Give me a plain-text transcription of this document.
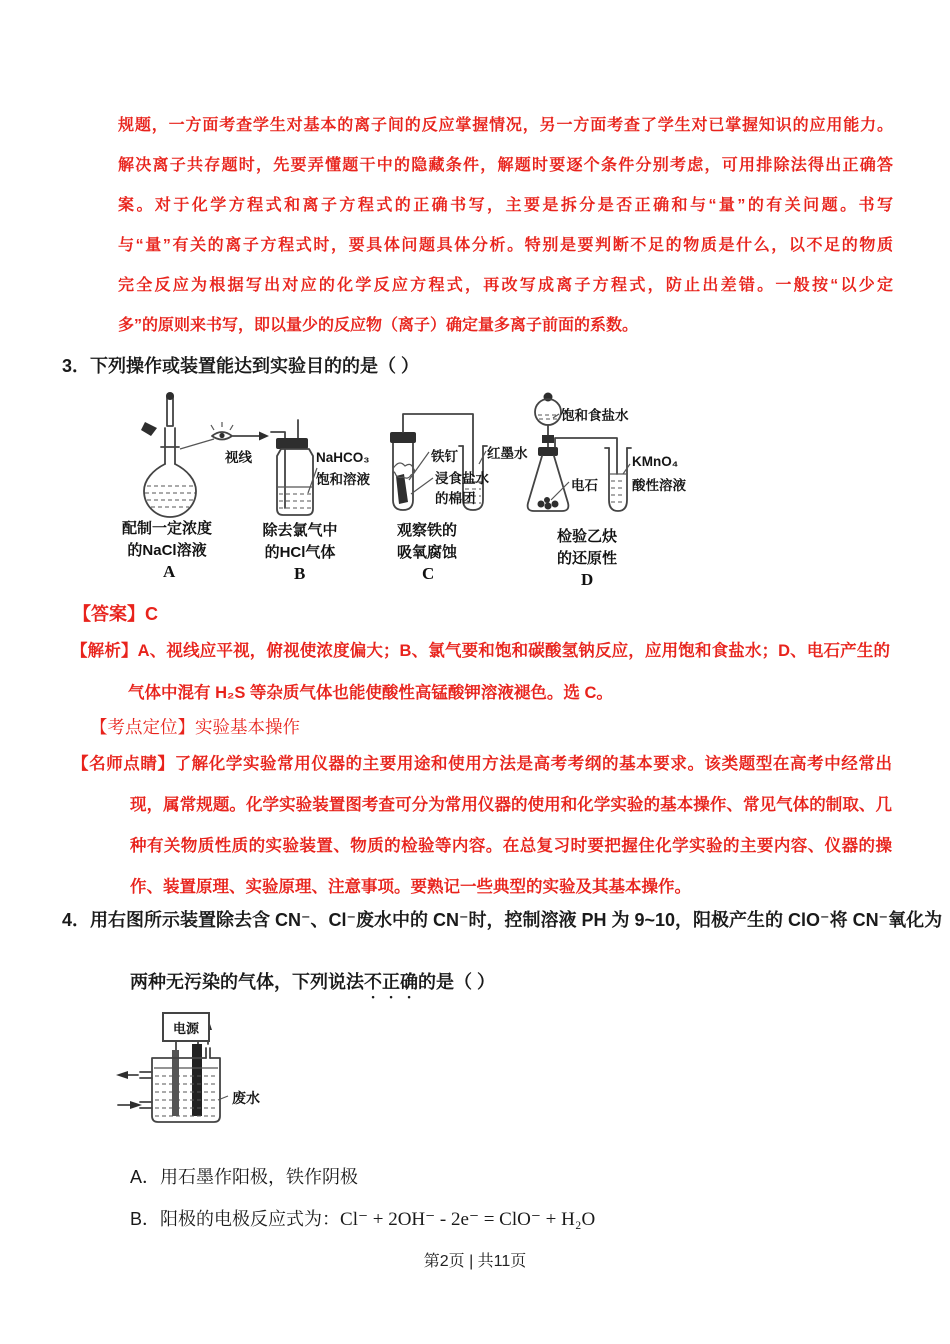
规题，一方面考查学生对基本的离子间的反应掌握情况，另一方面考查了学生对已掌握知识的应用能力。
解决离子共存题时，先要弄懂题干中的隐藏条件，解题时要逐个条件分别考虑，可用排除法得出正确答
案。对于化学方程式和离子方程式的正确书写，主要是拆分是否正确和与“量”的有关问题。书写
与“量”有关的离子方程式时，要具体问题具体分析。特别是要判断不足的物质是什么，以不足的物质
完全反应为根据写出对应的化学反应方程式，再改写成离子方程式，防止出差错。一般按“以少定
多”的原则来书写，即以量少的反应物（离子）确定量多离子前面的系数。
3．下列操作或装置能达到实验目的的是（ ）
视线
配制一定浓度
的NaCl溶液
A
NaHCO₃
饱和溶液
除去氯气中
的HCl气体
B
铁钉
浸食盐水
的棉团
红墨水
观察铁的
吸氧腐蚀
C
饱和食盐水
电石
KMnO₄
酸性溶液
检验乙炔
的还原性
D
【答案】C
【解析】A、视线应平视，俯视使浓度偏大；B、氯气要和饱和碳酸氢钠反应，应用饱和食盐水；D、电石产生的气体中混有 H₂S 等杂质气体也能使酸性高锰酸钾溶液褪色。选 C。
【考点定位】实验基本操作
【名师点睛】了解化学实验常用仪器的主要用途和使用方法是高考考纲的基本要求。该类题型在高考中经常出现，属常规题。化学实验装置图考查可分为常用仪器的使用和化学实验的基本操作、常见气体的制取、几种有关物质性质的实验装置、物质的检验等内容。在总复习时要把握住化学实验的主要内容、仪器的操作、装置原理、实验原理、注意事项。要熟记一些典型的实验及其基本操作。
4．用右图所示装置除去含 CN⁻、Cl⁻废水中的 CN⁻时，控制溶液 PH 为 9~10，阳极产生的 ClO⁻将 CN⁻氧化为
两种无污染的气体，下列说法不正确的是（ ）
电源
废水
A．用石墨作阳极，铁作阴极
B．阳极的电极反应式为：Cl⁻ + 2OH⁻ - 2e⁻ = ClO⁻ + H₂O
第2页 | 共11页
